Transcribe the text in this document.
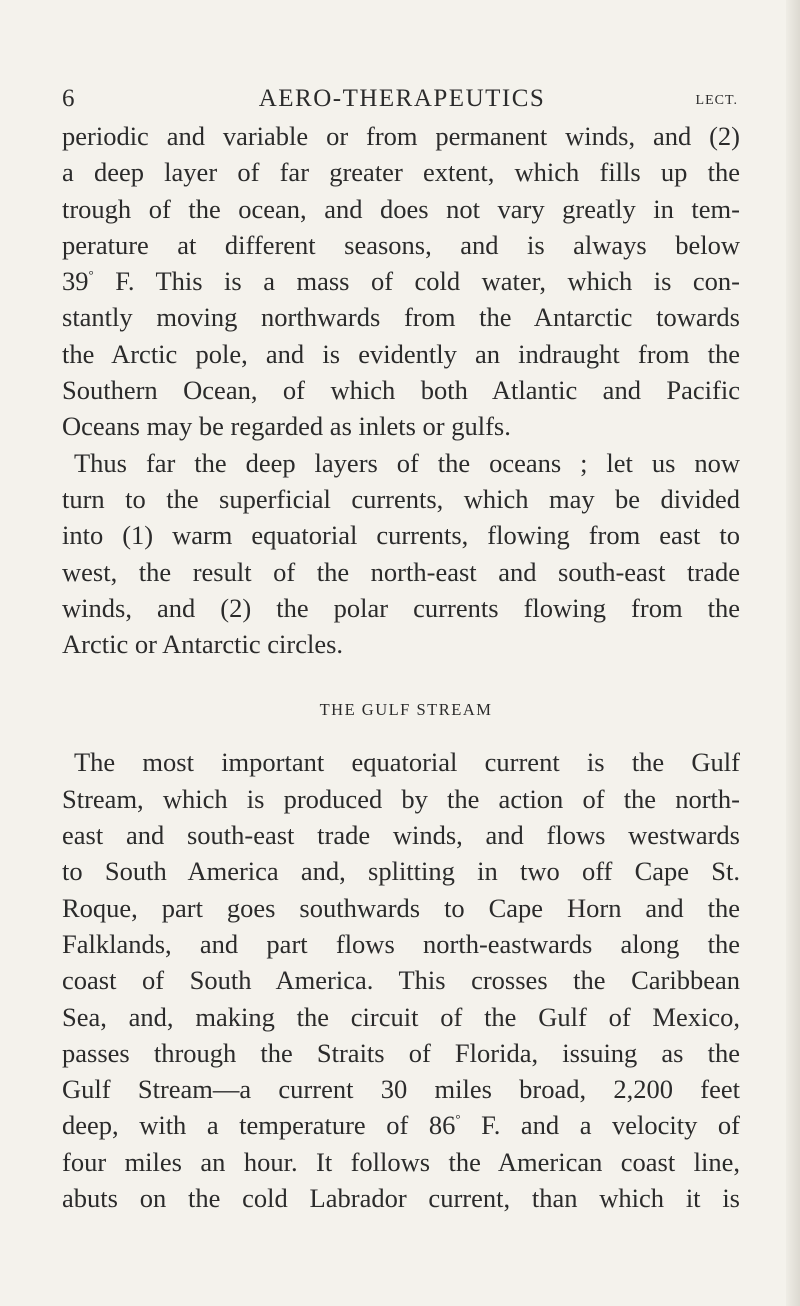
6	AERO-THERAPEUTICS	LECT.
periodic and variable or from permanent winds, and (2)
a deep layer of far greater extent, which fills up the
trough of the ocean, and does not vary greatly in tem-
perature at different seasons, and is always below
39° F. This is a mass of cold water, which is con-
stantly moving northwards from the Antarctic towards
the Arctic pole, and is evidently an indraught from the
Southern Ocean, of which both Atlantic and Pacific
Oceans may be regarded as inlets or gulfs.
Thus far the deep layers of the oceans ; let us now
turn to the superficial currents, which may be divided
into (1) warm equatorial currents, flowing from east to
west, the result of the north-east and south-east trade
winds, and (2) the polar currents flowing from the
Arctic or Antarctic circles.
THE GULF STREAM
The most important equatorial current is the Gulf
Stream, which is produced by the action of the north-
east and south-east trade winds, and flows westwards
to South America and, splitting in two off Cape St.
Roque, part goes southwards to Cape Horn and the
Falklands, and part flows north-eastwards along the
coast of South America. This crosses the Caribbean
Sea, and, making the circuit of the Gulf of Mexico,
passes through the Straits of Florida, issuing as the
Gulf Stream—a current 30 miles broad, 2,200 feet
deep, with a temperature of 86° F. and a velocity of
four miles an hour. It follows the American coast line,
abuts on the cold Labrador current, than which it is
